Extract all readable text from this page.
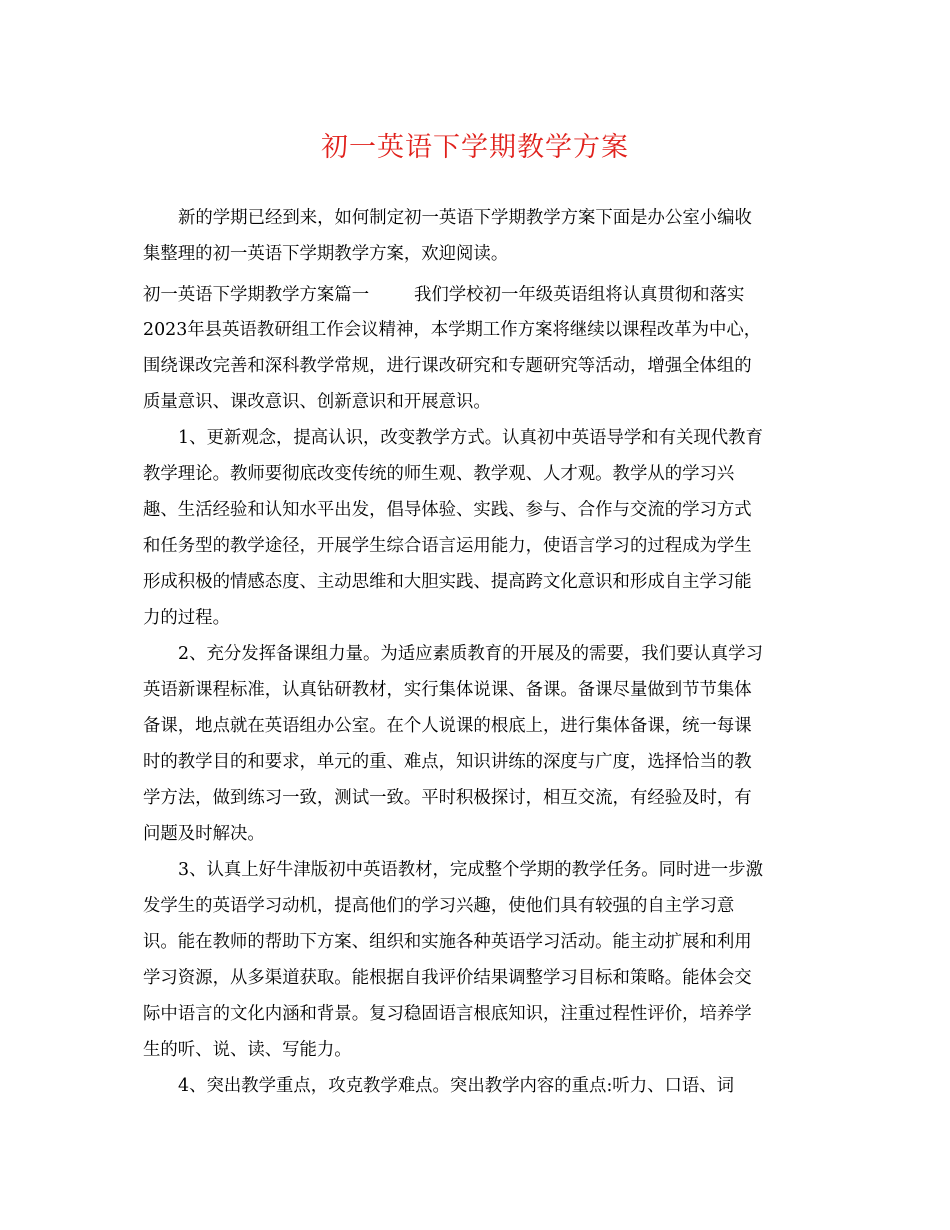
初一英语下学期教学方案
新的学期已经到来，如何制定初一英语下学期教学方案下面是办公室小编收
集整理的初一英语下学期教学方案，欢迎阅读。
初一英语下学期教学方案篇一	我们学校初一年级英语组将认真贯彻和落实
2023年县英语教研组工作会议精神，本学期工作方案将继续以课程改革为中心，
围绕课改完善和深科教学常规，进行课改研究和专题研究等活动，增强全体组的
质量意识、课改意识、创新意识和开展意识。
1、更新观念，提高认识，改变教学方式。认真初中英语导学和有关现代教育
教学理论。教师要彻底改变传统的师生观、教学观、人才观。教学从的学习兴
趣、生活经验和认知水平出发，倡导体验、实践、参与、合作与交流的学习方式
和任务型的教学途径，开展学生综合语言运用能力，使语言学习的过程成为学生
形成积极的情感态度、主动思维和大胆实践、提高跨文化意识和形成自主学习能
力的过程。
2、充分发挥备课组力量。为适应素质教育的开展及的需要，我们要认真学习
英语新课程标准，认真钻研教材，实行集体说课、备课。备课尽量做到节节集体
备课，地点就在英语组办公室。在个人说课的根底上，进行集体备课，统一每课
时的教学目的和要求，单元的重、难点，知识讲练的深度与广度，选择恰当的教
学方法，做到练习一致，测试一致。平时积极探讨，相互交流，有经验及时，有
问题及时解决。
3、认真上好牛津版初中英语教材，完成整个学期的教学任务。同时进一步激
发学生的英语学习动机，提高他们的学习兴趣，使他们具有较强的自主学习意
识。能在教师的帮助下方案、组织和实施各种英语学习活动。能主动扩展和利用
学习资源，从多渠道获取。能根据自我评价结果调整学习目标和策略。能体会交
际中语言的文化内涵和背景。复习稳固语言根底知识，注重过程性评价，培养学
生的听、说、读、写能力。
4、突出教学重点，攻克教学难点。突出教学内容的重点:听力、口语、词
